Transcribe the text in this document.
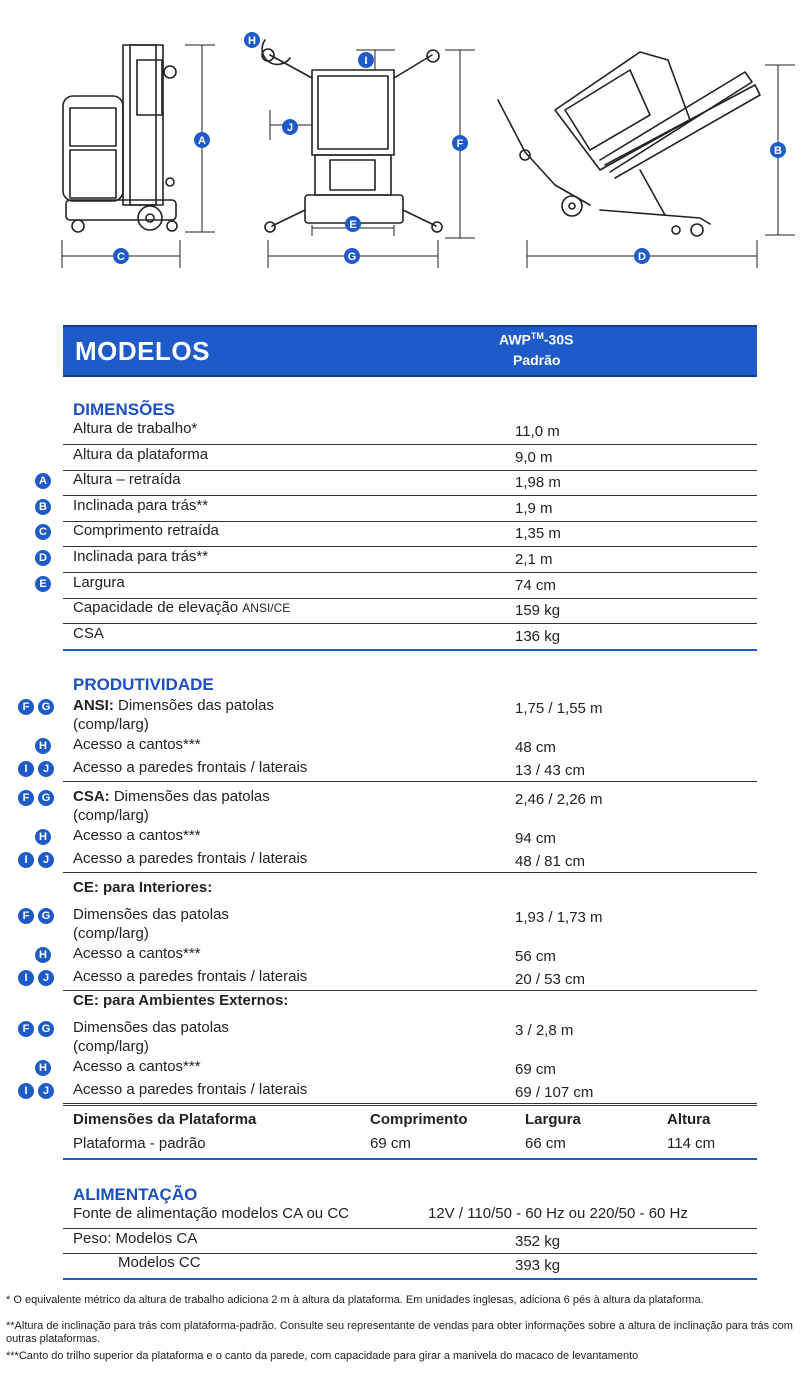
A
B
C	D
E
F
G
H
I
J
MODELOS	AWP™-30S
Padrão
DIMENSÕES
Altura de trabalho*	11,0 m
Altura da plataforma	9,0 m
A Altura – retraída	1,98 m
B Inclinada para trás**	1,9 m
C Comprimento retraída	1,35 m
D Inclinada para trás**	2,1 m
E Largura	74 cm
Capacidade de elevação ANSI/CE	159 kg
CSA	136 kg
PRODUTIVIDADE
F	G ANSI: Dimensões das patolas	1,75 / 1,55 m
(comp/larg)
H Acesso a cantos***	48 cm
I	J	Acesso a paredes frontais / laterais	13 / 43 cm
F	G CSA: Dimensões das patolas	2,46 / 2,26 m
(comp/larg)
H Acesso a cantos***	94 cm
I	J	Acesso a paredes frontais / laterais	48 / 81 cm
CE: para Interiores:
F	G Dimensões das patolas	1,93 / 1,73 m
(comp/larg)
H Acesso a cantos***	56 cm
I	J	Acesso a paredes frontais / laterais	20 / 53 cm
CE: para Ambientes Externos:
F	G Dimensões das patolas	3 / 2,8 m
(comp/larg)
H Acesso a cantos***	69 cm
I	J	Acesso a paredes frontais / laterais	69 / 107 cm
Dimensões da Plataforma	Comprimento	Largura	Altura
Plataforma - padrão	69 cm	66 cm	114 cm
ALIMENTAÇÃO
Fonte de alimentação modelos CA ou CC	12V / 110/50 - 60 Hz ou 220/50 - 60 Hz
Peso: Modelos CA	352 kg
Modelos CC	393 kg
* O equivalente métrico da altura de trabalho adiciona 2 m à altura da plataforma. Em unidades inglesas, adiciona 6 pés à altura da plataforma.
**Altura de inclinação para trás com plataforma-padrão. Consulte seu representante de vendas para obter informações sobre a altura de inclinação para trás com outras plataformas.
***Canto do trilho superior da plataforma e o canto da parede, com capacidade para girar a manivela do macaco de levantamento
